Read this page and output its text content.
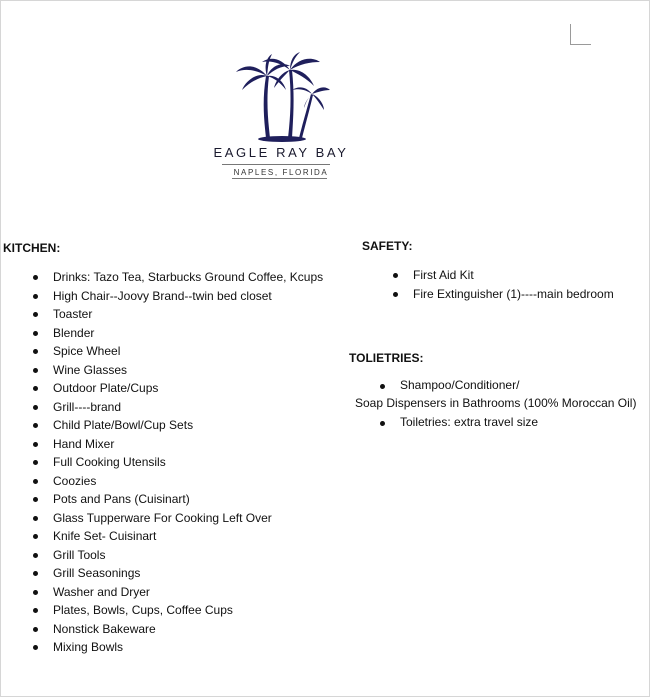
EAGLE RAY BAY
NAPLES, FLORIDA
KITCHEN:
Drinks: Tazo Tea, Starbucks Ground Coffee, Kcups
High Chair--Joovy Brand--twin bed closet
Toaster
Blender
Spice Wheel
Wine Glasses
Outdoor Plate/Cups
Grill----brand
Child Plate/Bowl/Cup Sets
Hand Mixer
Full Cooking Utensils
Coozies
Pots and Pans (Cuisinart)
Glass Tupperware For Cooking Left Over
Knife Set- Cuisinart
Grill Tools
Grill Seasonings
Washer and Dryer
Plates, Bowls, Cups, Coffee Cups
Nonstick Bakeware
Mixing Bowls
SAFETY:
First Aid Kit
Fire Extinguisher (1)----main bedroom
TOLIETRIES:
Shampoo/Conditioner/
Soap Dispensers in Bathrooms (100% Moroccan Oil)
Toiletries: extra travel size
